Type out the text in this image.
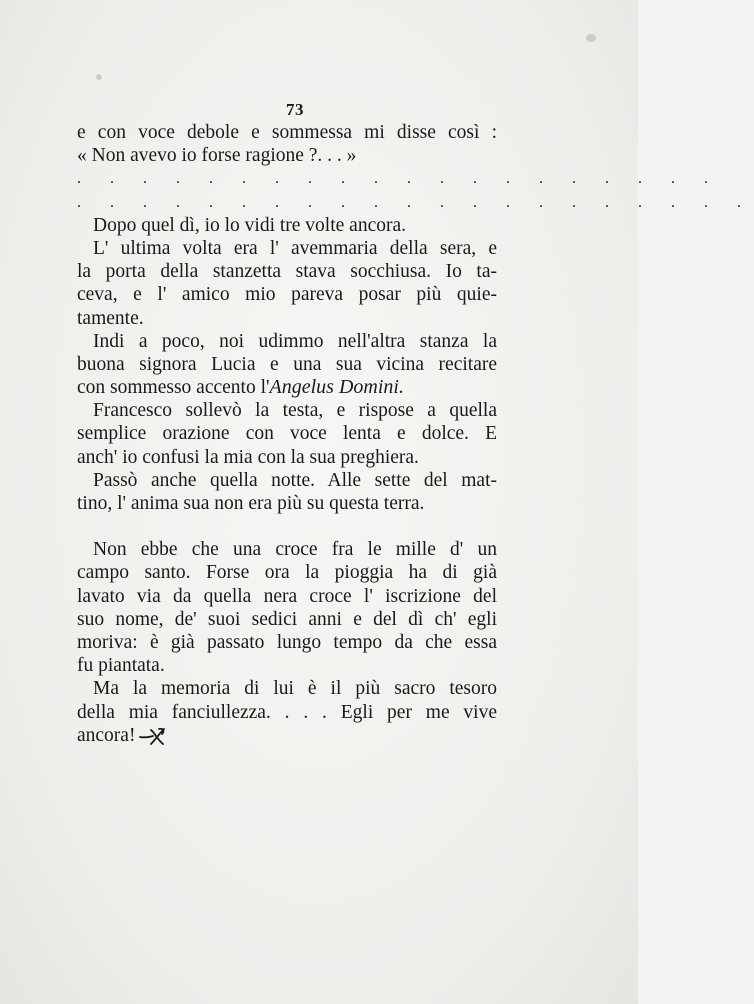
73
e con voce debole e sommessa mi disse così :
« Non avevo io forse ragione ?. . . »
. . . . . . . . . . . . . . . . . . . .
. . . . . . . . . . . . . . . . . . . . .
Dopo quel dì, io lo vidi tre volte ancora.
L' ultima volta era l' avemmaria della sera, e
la porta della stanzetta stava socchiusa. Io ta-
ceva, e l' amico mio pareva posar più quie-
tamente.
Indi a poco, noi udimmo nell'altra stanza la
buona signora Lucia e una sua vicina recitare
con sommesso accento l'Angelus Domini.
Francesco sollevò la testa, e rispose a quella
semplice orazione con voce lenta e dolce. E
anch' io confusi la mia con la sua preghiera.
Passò anche quella notte. Alle sette del mat-
tino, l' anima sua non era più su questa terra.
Non ebbe che una croce fra le mille d' un
campo santo. Forse ora la pioggia ha di già
lavato via da quella nera croce l' iscrizione del
suo nome, de' suoi sedici anni e del dì ch' egli
moriva: è già passato lungo tempo da che essa
fu piantata.
Ma la memoria di lui è il più sacro tesoro
della mia fanciullezza. . . . Egli per me vive
ancora!
